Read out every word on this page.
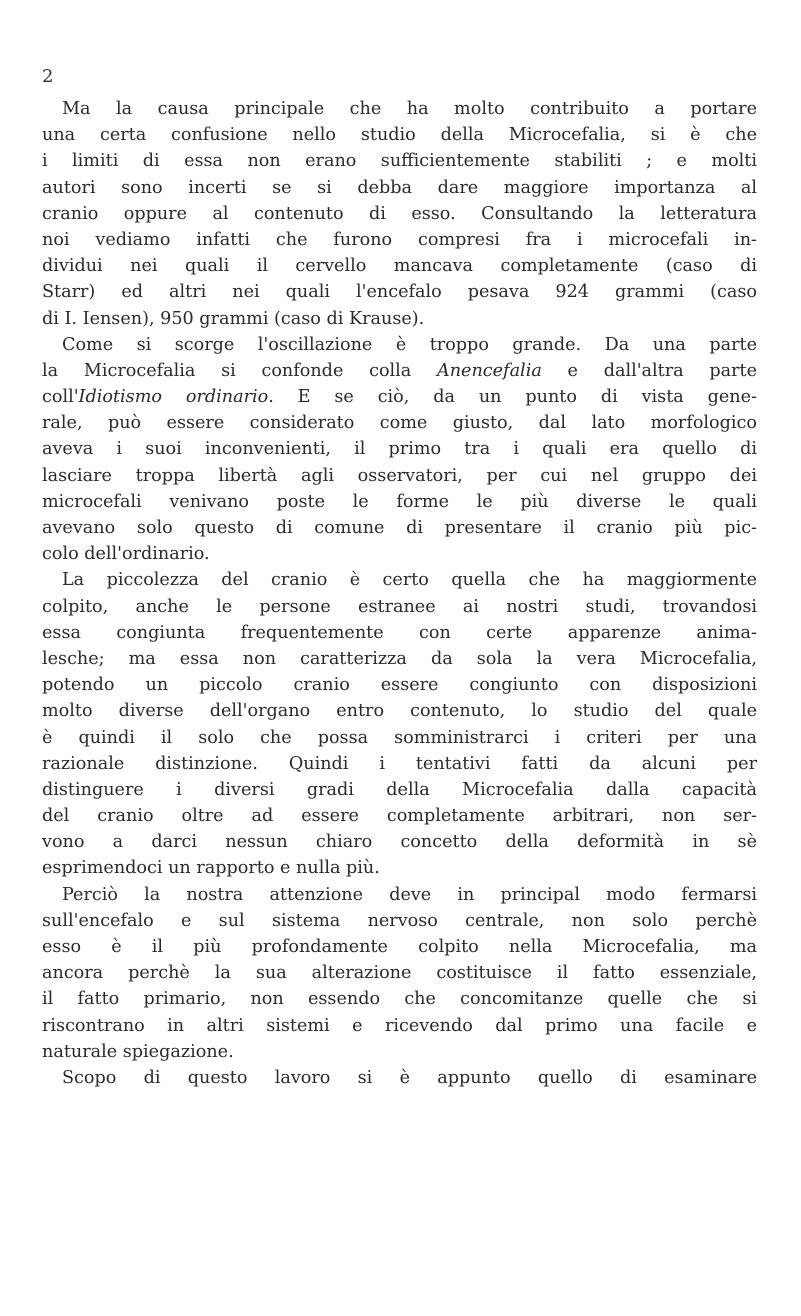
2
Ma la causa principale che ha molto contribuito a portare
una certa confusione nello studio della Microcefalia, si è che
i limiti di essa non erano sufficientemente stabiliti ; e molti
autori sono incerti se si debba dare maggiore importanza al
cranio oppure al contenuto di esso. Consultando la letteratura
noi vediamo infatti che furono compresi fra i microcefali in-
dividui nei quali il cervello mancava completamente (caso di
Starr) ed altri nei quali l'encefalo pesava 924 grammi (caso
di I. Iensen), 950 grammi (caso di Krause).
Come si scorge l'oscillazione è troppo grande. Da una parte
la Microcefalia si confonde colla Anencefalia e dall'altra parte
coll'Idiotismo ordinario. E se ciò, da un punto di vista gene-
rale, può essere considerato come giusto, dal lato morfologico
aveva i suoi inconvenienti, il primo tra i quali era quello di
lasciare troppa libertà agli osservatori, per cui nel gruppo dei
microcefali venivano poste le forme le più diverse le quali
avevano solo questo di comune di presentare il cranio più pic-
colo dell'ordinario.
La piccolezza del cranio è certo quella che ha maggiormente
colpito, anche le persone estranee ai nostri studi, trovandosi
essa congiunta frequentemente con certe apparenze anima-
lesche; ma essa non caratterizza da sola la vera Microcefalia,
potendo un piccolo cranio essere congiunto con disposizioni
molto diverse dell'organo entro contenuto, lo studio del quale
è quindi il solo che possa somministrarci i criteri per una
razionale distinzione. Quindi i tentativi fatti da alcuni per
distinguere i diversi gradi della Microcefalia dalla capacità
del cranio oltre ad essere completamente arbitrari, non ser-
vono a darci nessun chiaro concetto della deformità in sè
esprimendoci un rapporto e nulla più.
Perciò la nostra attenzione deve in principal modo fermarsi
sull'encefalo e sul sistema nervoso centrale, non solo perchè
esso è il più profondamente colpito nella Microcefalia, ma
ancora perchè la sua alterazione costituisce il fatto essenziale,
il fatto primario, non essendo che concomitanze quelle che si
riscontrano in altri sistemi e ricevendo dal primo una facile e
naturale spiegazione.
Scopo di questo lavoro si è appunto quello di esaminare
